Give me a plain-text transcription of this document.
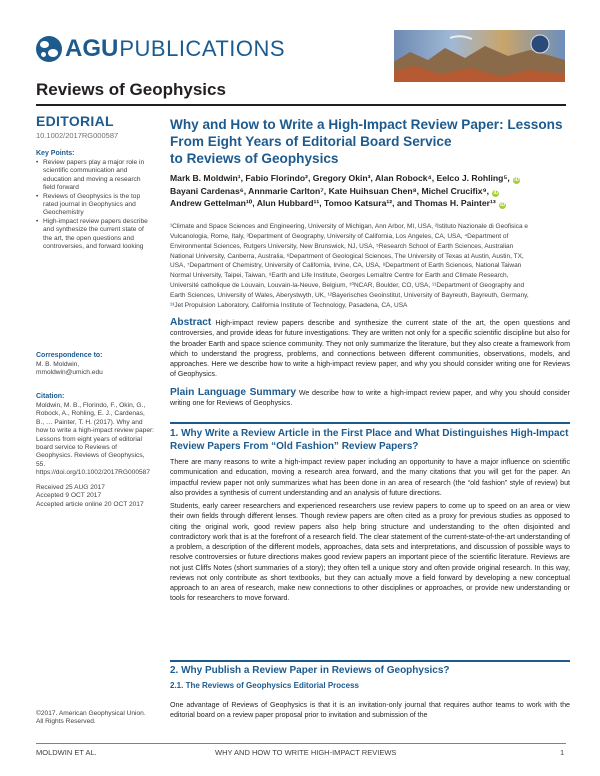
AGU PUBLICATIONS
Reviews of Geophysics
EDITORIAL
10.1002/2017RG000587
Key Points:
• Review papers play a major role in scientific communication and education and moving a research field forward
• Reviews of Geophysics is the top rated journal in Geophysics and Geochemistry
• High-impact review papers describe and synthesize the current state of the art, the open questions and controversies, and forward looking
Correspondence to:
M. B. Moldwin,
mmoldwin@umich.edu
Citation:
Moldwin, M. B., Florindo, F., Okin, G., Robock, A., Rohling, E. J., Cardenas, B., … Painter, T. H. (2017). Why and how to write a high-impact review paper: Lessons from eight years of editorial board service to Reviews of Geophysics. Reviews of Geophysics, 55. https://doi.org/10.1002/2017RG000587
Received 25 AUG 2017
Accepted 9 OCT 2017
Accepted article online 20 OCT 2017
©2017. American Geophysical Union.
All Rights Reserved.
Why and How to Write a High-Impact Review Paper: Lessons
From Eight Years of Editorial Board Service
to Reviews of Geophysics
Mark B. Moldwin¹, Fabio Florindo², Gregory Okin³, Alan Robock⁴, Eelco J. Rohling⁵, iD
Bayani Cardenas⁶, Annmarie Carlton⁷, Kate Huihsuan Chen⁸, Michel Crucifix⁹, iD
Andrew Gettelman¹⁰, Alun Hubbard¹¹, Tomoo Katsura¹², and Thomas H. Painter¹³ iD
¹Climate and Space Sciences and Engineering, University of Michigan, Ann Arbor, MI, USA, ²Istituto Nazionale di Geofisica e
Vulcanologia, Rome, Italy, ³Department of Geography, University of California, Los Angeles, CA, USA, ⁴Department of
Environmental Sciences, Rutgers University, New Brunswick, NJ, USA, ⁵Research School of Earth Sciences, Australian
National University, Canberra, Australia, ⁶Department of Geological Sciences, The University of Texas at Austin, Austin, TX,
USA, ⁷Department of Chemistry, University of California, Irvine, CA, USA, ⁸Department of Earth Sciences, National Taiwan
Normal University, Taipei, Taiwan, ⁹Earth and Life Institute, Georges Lemaître Centre for Earth and Climate Research,
Université catholique de Louvain, Louvain-la-Neuve, Belgium, ¹⁰NCAR, Boulder, CO, USA, ¹¹Department of Geography and
Earth Sciences, University of Wales, Aberystwyth, UK, ¹²Bayerisches Geoinstitut, University of Bayreuth, Bayreuth, Germany,
¹³Jet Propulsion Laboratory, California Institute of Technology, Pasadena, CA, USA

Abstract High-impact review papers describe and synthesize the current state of the art, the open questions and controversies, and provide ideas for future investigations. They are written not only for a specific scientific discipline but also for the broader Earth and space science community. They not only summarize the literature, but they also create a framework from which to understand the progress, problems, and connections between different communities, observations, models, and approaches. Here we describe how to write a high-impact review paper, and why you should consider writing one for Reviews of Geophysics.

Plain Language Summary We describe how to write a high-impact review paper, and why you should consider writing one for Reviews of Geophysics.

1. Why Write a Review Article in the First Place and What Distinguishes High-Impact Review Papers From “Old Fashion” Review Papers?

There are many reasons to write a high-impact review paper including an opportunity to have a major influence on scientific communication and education, moving a research area forward, and the many citations that you will get for the paper. An impactful review paper not only summarizes what has been done in an area of research (the “old fashion” style of review) but also provides a synthesis of current understanding and an analysis of future directions.

Students, early career researchers and experienced researchers use review papers to come up to speed on an area or view their own fields through different lenses. Though review papers are often cited as a proxy for previous studies as opposed to citing the original work, good review papers also help bring structure and understanding to the often disjointed and contradictory work that is at the forefront of a research field. The clear statement of the current-state-of-the-art understanding of a problem, a description of the different models, approaches, data sets and interpretations, and discussion of possible ways to resolve controversies or future directions makes good review papers an important piece of the scientific literature. Reviews are not just Cliffs Notes (short summaries of a story); they often tell a unique story and often provide original research. In this way, reviews not only contribute as short textbooks, but they can actually move a field forward by developing a new conceptual approach to an area of research, make new connections to other disciplines or approaches, or provide new understanding or tools for researchers to move forward.

2. Why Publish a Review Paper in Reviews of Geophysics?
2.1. The Reviews of Geophysics Editorial Process

One advantage of Reviews of Geophysics is that it is an invitation-only journal that requires author teams to work with the editorial board on a review paper proposal prior to invitation and submission of the

MOLDWIN ET AL.	WHY AND HOW TO WRITE HIGH-IMPACT REVIEWS	1
